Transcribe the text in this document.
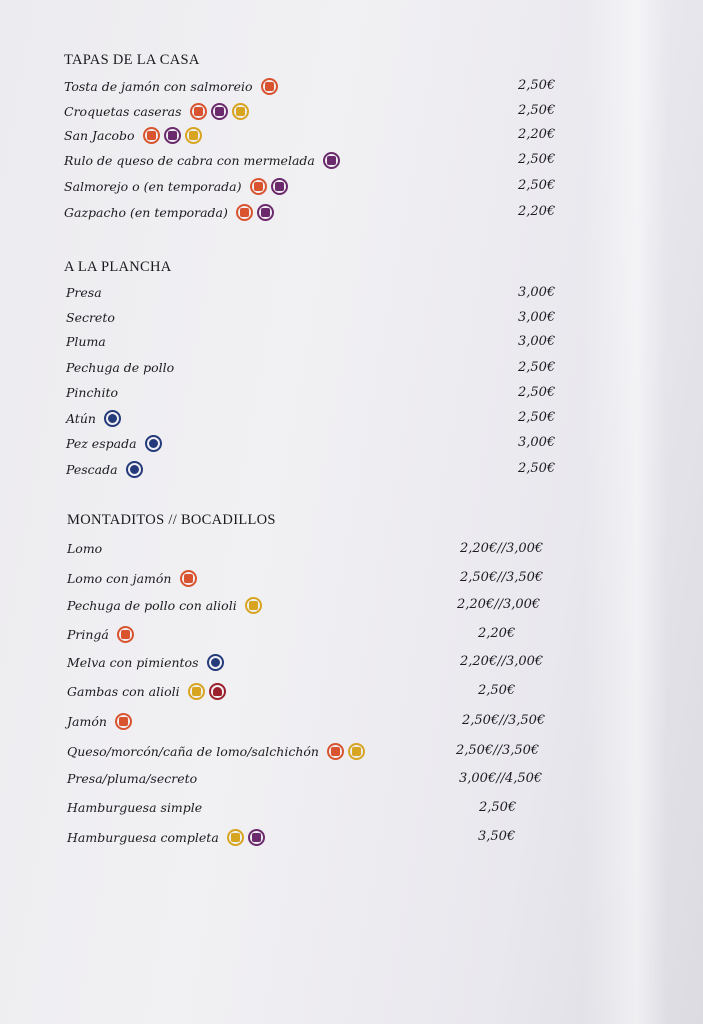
TAPAS DE LA CASA
Tosta de jamón con salmoreio	2,50€
Croquetas caseras	2,50€
San Jacobo	2,20€
Rulo de queso de cabra con mermelada	2,50€
Salmorejo o (en temporada)	2,50€
Gazpacho (en temporada)	2,20€
A LA PLANCHA
Presa	3,00€
Secreto	3,00€
Pluma	3,00€
Pechuga de pollo	2,50€
Pinchito	2,50€
Atún	2,50€
Pez espada	3,00€
Pescada	2,50€
MONTADITOS // BOCADILLOS
Lomo	2,20€//3,00€
Lomo con jamón	2,50€//3,50€
Pechuga de pollo con alioli	2,20€//3,00€
Pringá	2,20€
Melva con pimientos	2,20€//3,00€
Gambas con alioli	2,50€
Jamón	2,50€//3,50€
Queso/morcón/caña de lomo/salchichón	2,50€//3,50€
Presa/pluma/secreto	3,00€//4,50€
Hamburguesa simple	2,50€
Hamburguesa completa	3,50€
